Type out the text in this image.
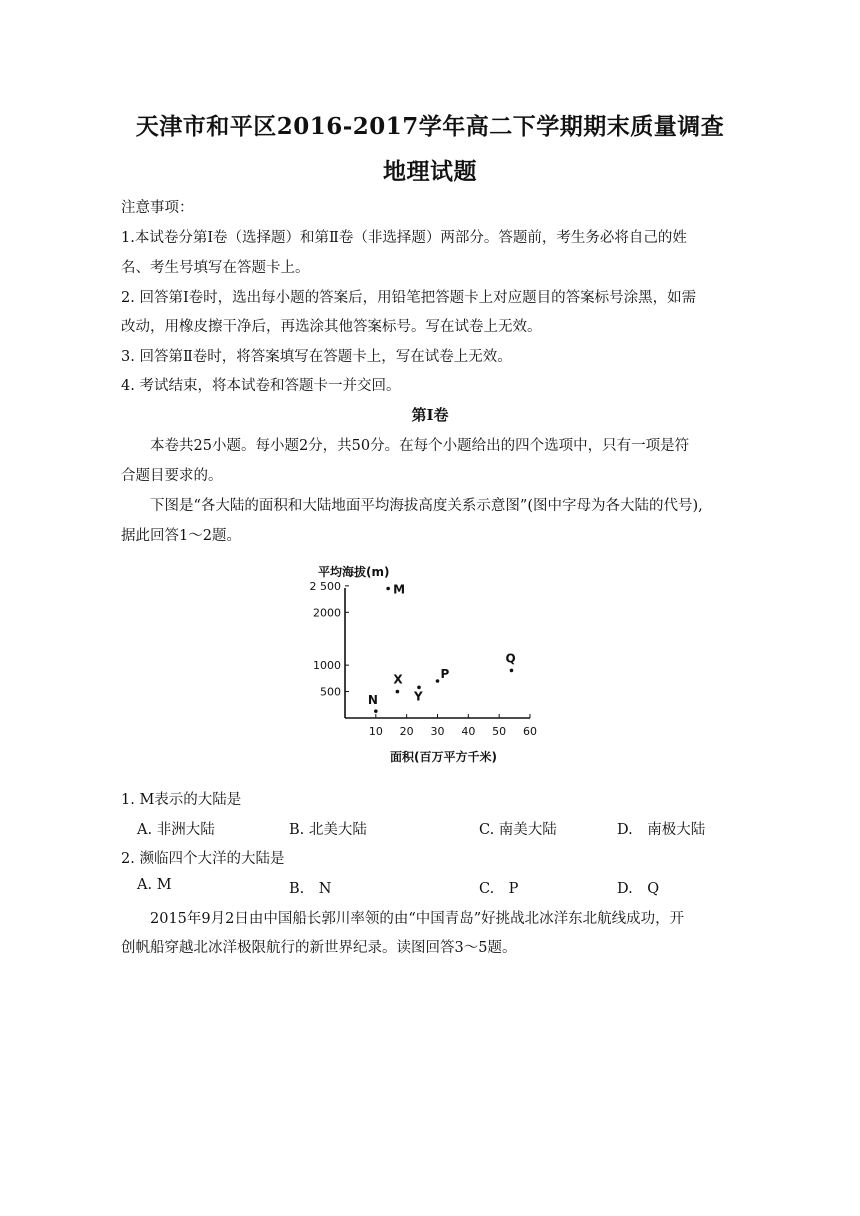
天津市和平区2016-2017学年高二下学期期末质量调查
地理试题
注意事项：
1.本试卷分第Ⅰ卷（选择题）和第Ⅱ卷（非选择题）两部分。答题前，考生务必将自己的姓
名、考生号填写在答题卡上。
2. 回答第Ⅰ卷时，选出每小题的答案后，用铅笔把答题卡上对应题目的答案标号涂黑，如需
改动，用橡皮擦干净后，再选涂其他答案标号。写在试卷上无效。
3. 回答第Ⅱ卷时，将答案填写在答题卡上，写在试卷上无效。
4. 考试结束，将本试卷和答题卡一并交回。
第Ⅰ卷
　　本卷共25小题。每小题2分，共50分。在每个小题给出的四个选项中，只有一项是符
合题目要求的。
　　下图是“各大陆的面积和大陆地面平均海拔高度关系示意图”(图中字母为各大陆的代号),
据此回答1～2题。
平均海拔(m)
面积(百万平方千米)
10 20 30 40 50 60
500
1000
2000
2 500	M
N
X
Y
P
Q
1. M表示的大陆是
A. 非洲大陆	B. 北美大陆	C. 南美大陆	D.　南极大陆
2. 濒临四个大洋的大陆是
A. M	B.　N	C.　P	D.　Q
　　2015年9月2日由中国船长郭川率领的由“中国青岛”好挑战北冰洋东北航线成功，开
创帆船穿越北冰洋极限航行的新世界纪录。读图回答3～5题。
